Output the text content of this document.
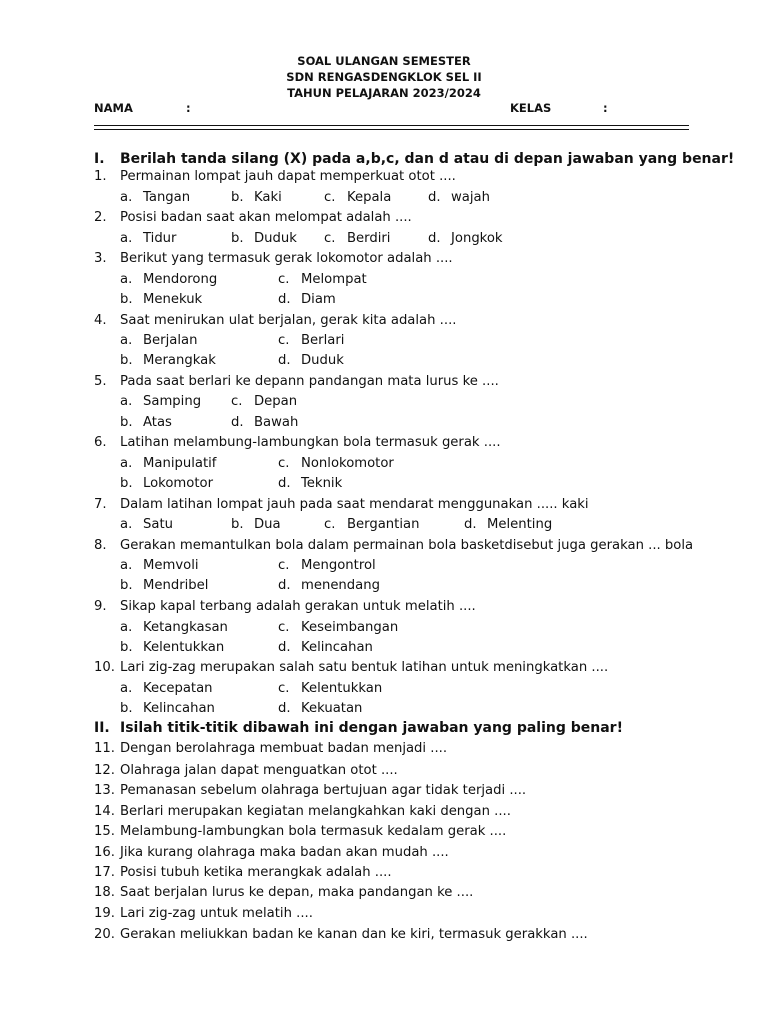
SOAL ULANGAN SEMESTER
SDN RENGASDENGKLOK SEL II
TAHUN PELAJARAN 2023/2024
NAMA	:	KELAS	:
I. Berilah tanda silang (X) pada a,b,c, dan d atau di depan jawaban yang benar!
1. Permainan lompat jauh dapat memperkuat otot ....
a. Tangan	b. Kaki	c. Kepala	d. wajah
2. Posisi badan saat akan melompat adalah ....
a. Tidur	b. Duduk c. Berdiri	d. Jongkok
3. Berikut yang termasuk gerak lokomotor adalah ....
a. Mendorong	c. Melompat
b. Menekuk	d. Diam
4. Saat menirukan ulat berjalan, gerak kita adalah ....
a. Berjalan	c. Berlari
b. Merangkak	d. Duduk
5. Pada saat berlari ke depann pandangan mata lurus ke ....
a. Samping c. Depan
b. Atas	d. Bawah
6. Latihan melambung-lambungkan bola termasuk gerak ....
a. Manipulatif	c. Nonlokomotor
b. Lokomotor	d. Teknik
7. Dalam latihan lompat jauh pada saat mendarat menggunakan ..... kaki
a. Satu	b. Dua	c. Bergantian	d. Melenting
8. Gerakan memantulkan bola dalam permainan bola basketdisebut juga gerakan ... bola
a. Memvoli	c. Mengontrol
b. Mendribel	d. menendang
9. Sikap kapal terbang adalah gerakan untuk melatih ....
a. Ketangkasan	c. Keseimbangan
b. Kelentukkan	d. Kelincahan
10. Lari zig-zag merupakan salah satu bentuk latihan untuk meningkatkan ....
a. Kecepatan	c. Kelentukkan
b. Kelincahan	d. Kekuatan
II. Isilah titik-titik dibawah ini dengan jawaban yang paling benar!
11. Dengan berolahraga membuat badan menjadi ....
12. Olahraga jalan dapat menguatkan otot ....
13. Pemanasan sebelum olahraga bertujuan agar tidak terjadi ....
14. Berlari merupakan kegiatan melangkahkan kaki dengan ....
15. Melambung-lambungkan bola termasuk kedalam gerak ....
16. Jika kurang olahraga maka badan akan mudah ....
17. Posisi tubuh ketika merangkak adalah ....
18. Saat berjalan lurus ke depan, maka pandangan ke ....
19. Lari zig-zag untuk melatih ....
20. Gerakan meliukkan badan ke kanan dan ke kiri, termasuk gerakkan ....
